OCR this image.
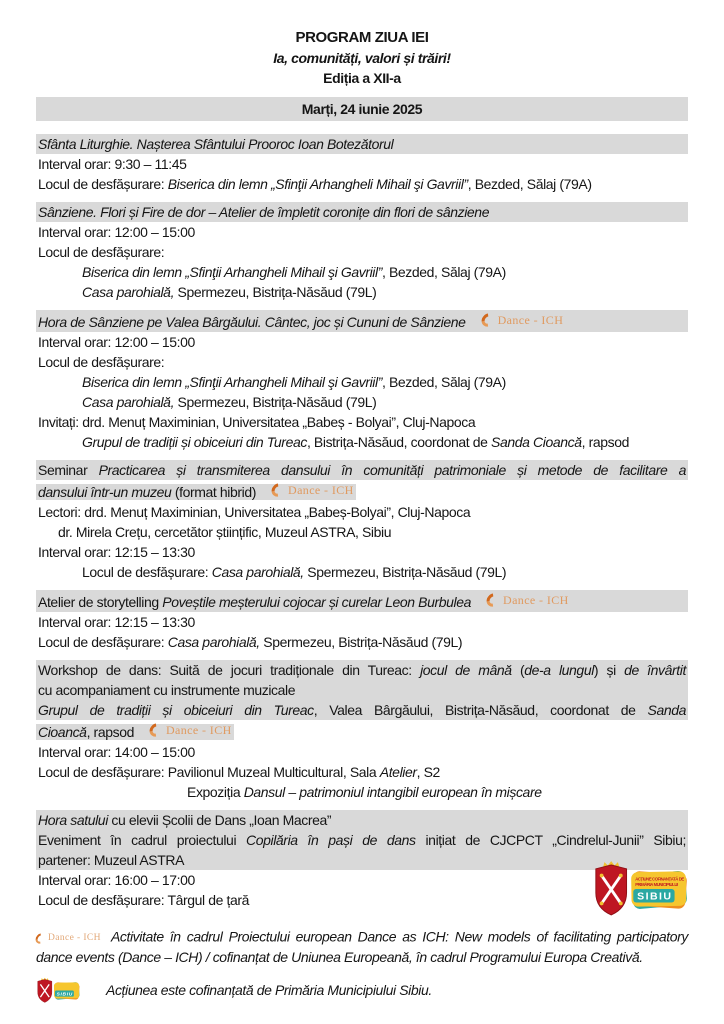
PROGRAM ZIUA IEI
Ia, comunități, valori și trăiri!
Ediția a XII-a
Marți, 24 iunie 2025
Sfânta Liturghie. Nașterea Sfântului Prooroc Ioan Botezătorul
Interval orar: 9:30 – 11:45
Locul de desfășurare: Biserica din lemn „Sfinţii Arhangheli Mihail şi Gavriil”, Bezded, Sălaj (79A)
Sânziene. Flori și Fire de dor – Atelier de împletit coronițe din flori de sânziene
Interval orar: 12:00 – 15:00
Locul de desfășurare:
Biserica din lemn „Sfinţii Arhangheli Mihail şi Gavriil”, Bezded, Sălaj (79A)
Casa parohială, Spermezeu, Bistrița-Năsăud (79L)
Hora de Sânziene pe Valea Bârgăului. Cântec, joc și Cununi de Sânziene	Dance - ICH
Interval orar: 12:00 – 15:00
Locul de desfășurare:
Biserica din lemn „Sfinţii Arhangheli Mihail şi Gavriil”, Bezded, Sălaj (79A)
Casa parohială, Spermezeu, Bistrița-Năsăud (79L)
Invitați: drd. Menuț Maximinian, Universitatea „Babeș - Bolyai”, Cluj-Napoca
Grupul de tradiții și obiceiuri din Tureac, Bistrița-Năsăud, coordonat de Sanda Cioancă, rapsod
Seminar Practicarea și transmiterea dansului în comunități patrimoniale și metode de facilitare a
dansului într-un muzeu (format hibrid)	Dance - ICH
Lectori: drd. Menuț Maximinian, Universitatea „Babeș-Bolyai”, Cluj-Napoca
dr. Mirela Crețu, cercetător științific, Muzeul ASTRA, Sibiu
Interval orar: 12:15 – 13:30
Locul de desfășurare: Casa parohială, Spermezeu, Bistrița-Năsăud (79L)
Atelier de storytelling Poveștile meșterului cojocar și curelar Leon Burbulea	Dance - ICH
Interval orar: 12:15 – 13:30
Locul de desfășurare: Casa parohială, Spermezeu, Bistrița-Năsăud (79L)
Workshop de dans: Suită de jocuri tradiționale din Tureac: jocul de mână (de-a lungul) și de învârtit
cu acompaniament cu instrumente muzicale
Grupul de tradiții și obiceiuri din Tureac, Valea Bârgăului, Bistrița-Năsăud, coordonat de Sanda
Cioancă, rapsod	Dance - ICH
Interval orar: 14:00 – 15:00
Locul de desfășurare: Pavilionul Muzeal Multicultural, Sala Atelier, S2
Expoziția Dansul – patrimoniul intangibil european în mișcare
Hora satului cu elevii Școlii de Dans „Ioan Macrea”
Eveniment în cadrul proiectului Copilăria în pași de dans inițiat de CJCPCT „Cindrelul-Junii” Sibiu;
partener: Muzeul ASTRA
Interval orar: 16:00 – 17:00
Locul de desfășurare: Târgul de țară
ACȚIUNE COFINANȚATĂ DE
PRIMĂRIA MUNICIPIULUI
SIBIU
Dance - ICH Activitate în cadrul Proiectului european Dance as ICH: New models of facilitating participatory dance events (Dance – ICH) / cofinanțat de Uniunea Europeană, în cadrul Programului Europa Creativă.
SIBIU Acțiunea este cofinanțată de Primăria Municipiului Sibiu.
